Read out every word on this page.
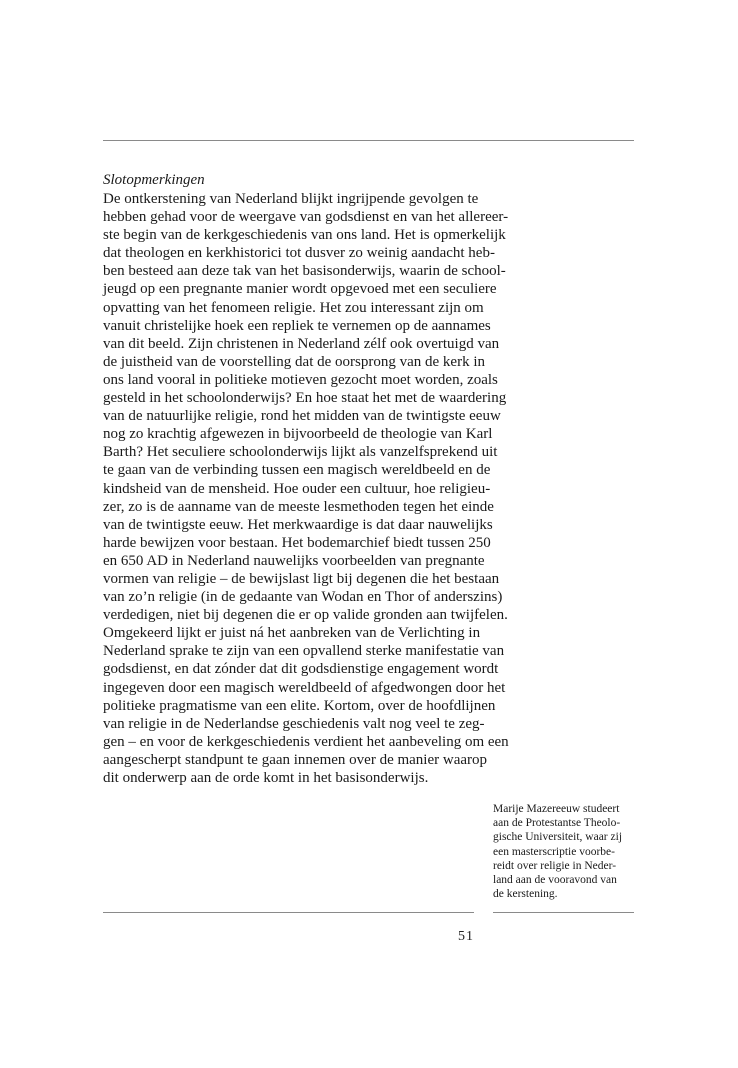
Slotopmerkingen
De ontkerstening van Nederland blijkt ingrijpende gevolgen te
hebben gehad voor de weergave van godsdienst en van het allereer-
ste begin van de kerkgeschiedenis van ons land. Het is opmerkelijk
dat theologen en kerkhistorici tot dusver zo weinig aandacht heb-
ben besteed aan deze tak van het basisonderwijs, waarin de school-
jeugd op een pregnante manier wordt opgevoed met een seculiere
opvatting van het fenomeen religie. Het zou interessant zijn om
vanuit christelijke hoek een repliek te vernemen op de aannames
van dit beeld. Zijn christenen in Nederland zélf ook overtuigd van
de juistheid van de voorstelling dat de oorsprong van de kerk in
ons land vooral in politieke motieven gezocht moet worden, zoals
gesteld in het schoolonderwijs? En hoe staat het met de waardering
van de natuurlijke religie, rond het midden van de twintigste eeuw
nog zo krachtig afgewezen in bijvoorbeeld de theologie van Karl
Barth? Het seculiere schoolonderwijs lijkt als vanzelfsprekend uit
te gaan van de verbinding tussen een magisch wereldbeeld en de
kindsheid van de mensheid. Hoe ouder een cultuur, hoe religieu-
zer, zo is de aanname van de meeste lesmethoden tegen het einde
van de twintigste eeuw. Het merkwaardige is dat daar nauwelijks
harde bewijzen voor bestaan. Het bodemarchief biedt tussen 250
en 650 AD in Nederland nauwelijks voorbeelden van pregnante
vormen van religie – de bewijslast ligt bij degenen die het bestaan
van zo’n religie (in de gedaante van Wodan en Thor of anderszins)
verdedigen, niet bij degenen die er op valide gronden aan twijfelen.
Omgekeerd lijkt er juist ná het aanbreken van de Verlichting in
Nederland sprake te zijn van een opvallend sterke manifestatie van
godsdienst, en dat zónder dat dit godsdienstige engagement wordt
ingegeven door een magisch wereldbeeld of afgedwongen door het
politieke pragmatisme van een elite. Kortom, over de hoofdlijnen
van religie in de Nederlandse geschiedenis valt nog veel te zeg-
gen – en voor de kerkgeschiedenis verdient het aanbeveling om een
aangescherpt standpunt te gaan innemen over de manier waarop
dit onderwerp aan de orde komt in het basisonderwijs.
Marije Mazereeuw studeert
aan de Protestantse Theolo-
gische Universiteit, waar zij
een masterscriptie voorbe-
reidt over religie in Neder-
land aan de vooravond van
de kerstening.
51
